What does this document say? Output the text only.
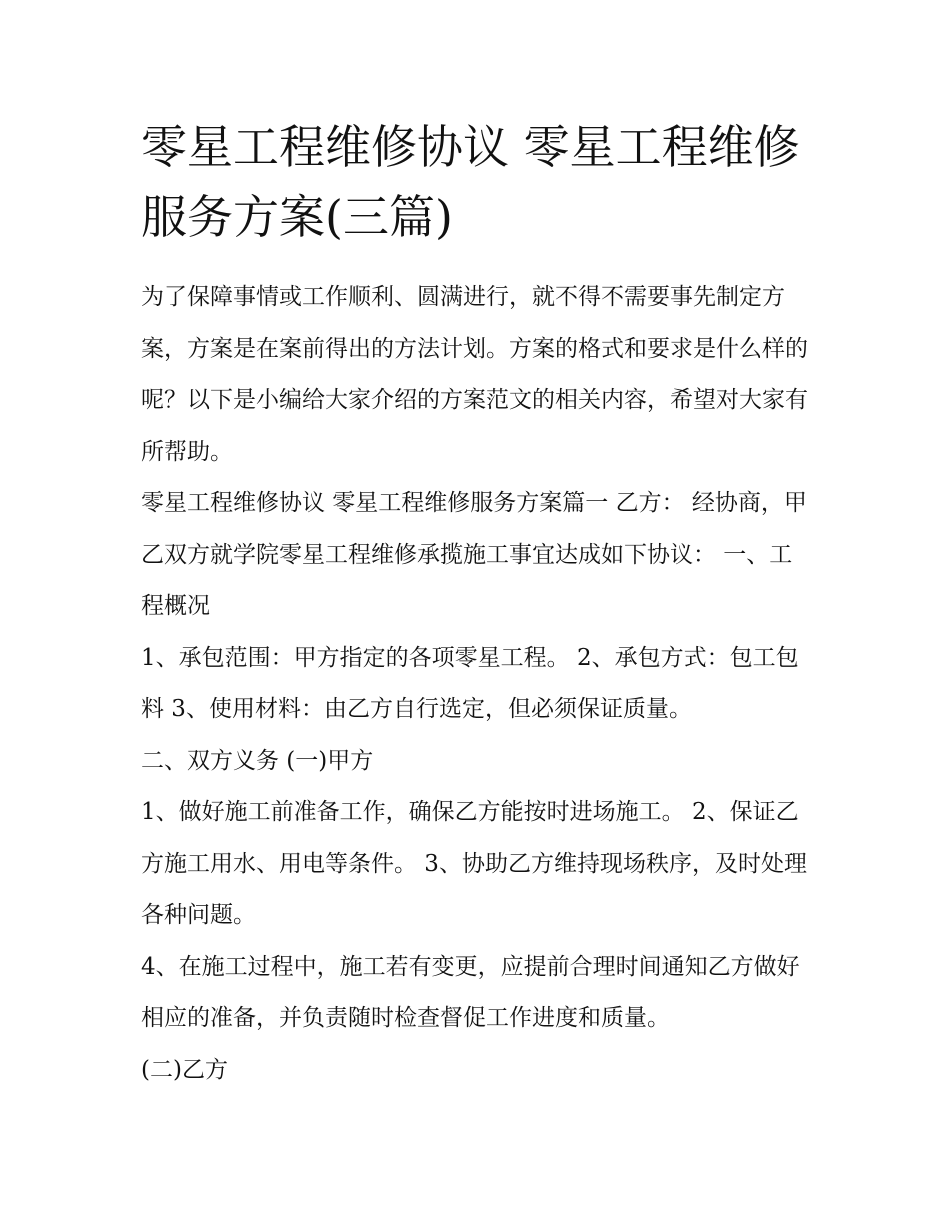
零星工程维修协议 零星工程维修服务方案(三篇)

为了保障事情或工作顺利、圆满进行，就不得不需要事先制定方案，方案是在案前得出的方法计划。方案的格式和要求是什么样的呢？以下是小编给大家介绍的方案范文的相关内容，希望对大家有所帮助。

零星工程维修协议 零星工程维修服务方案篇一 乙方： 经协商，甲乙双方就学院零星工程维修承揽施工事宜达成如下协议： 一、工程概况

1、承包范围：甲方指定的各项零星工程。 2、承包方式：包工包料 3、使用材料：由乙方自行选定，但必须保证质量。

二、双方义务 (一)甲方

1、做好施工前准备工作，确保乙方能按时进场施工。 2、保证乙方施工用水、用电等条件。 3、协助乙方维持现场秩序，及时处理各种问题。

4、在施工过程中，施工若有变更，应提前合理时间通知乙方做好相应的准备，并负责随时检查督促工作进度和质量。

(二)乙方
